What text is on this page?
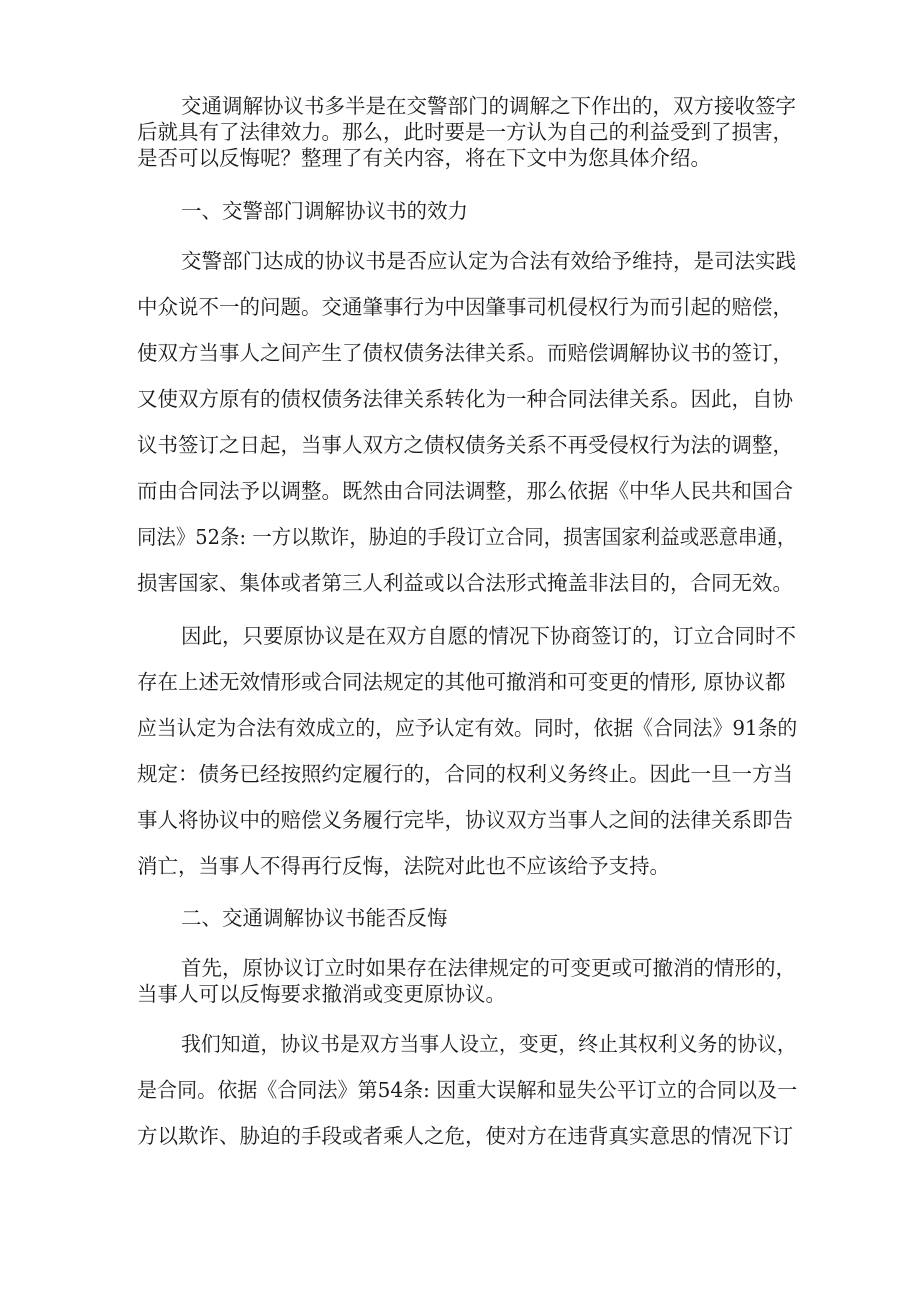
交通调解协议书多半是在交警部门的调解之下作出的，双方接收签字
后就具有了法律效力。那么，此时要是一方认为自己的利益受到了损害，
是否可以反悔呢？整理了有关内容，将在下文中为您具体介绍。
一、交警部门调解协议书的效力
交警部门达成的协议书是否应认定为合法有效给予维持，是司法实践
中众说不一的问题。交通肇事行为中因肇事司机侵权行为而引起的赔偿，
使双方当事人之间产生了债权债务法律关系。而赔偿调解协议书的签订，
又使双方原有的债权债务法律关系转化为一种合同法律关系。因此，自协
议书签订之日起，当事人双方之债权债务关系不再受侵权行为法的调整，
而由合同法予以调整。既然由合同法调整，那么依据《中华人民共和国合
同法》52条: 一方以欺诈，胁迫的手段订立合同，损害国家利益或恶意串通，
损害国家、集体或者第三人利益或以合法形式掩盖非法目的，合同无效。
因此，只要原协议是在双方自愿的情况下协商签订的，订立合同时不
存在上述无效情形或合同法规定的其他可撤消和可变更的情形, 原协议都
应当认定为合法有效成立的，应予认定有效。同时，依据《合同法》91条的
规定：债务已经按照约定履行的，合同的权利义务终止。因此一旦一方当
事人将协议中的赔偿义务履行完毕，协议双方当事人之间的法律关系即告
消亡，当事人不得再行反悔，法院对此也不应该给予支持。
二、交通调解协议书能否反悔
首先，原协议订立时如果存在法律规定的可变更或可撤消的情形的，
当事人可以反悔要求撤消或变更原协议。
我们知道，协议书是双方当事人设立，变更，终止其权利义务的协议，
是合同。依据《合同法》第54条: 因重大误解和显失公平订立的合同以及一
方以欺诈、胁迫的手段或者乘人之危，使对方在违背真实意思的情况下订
